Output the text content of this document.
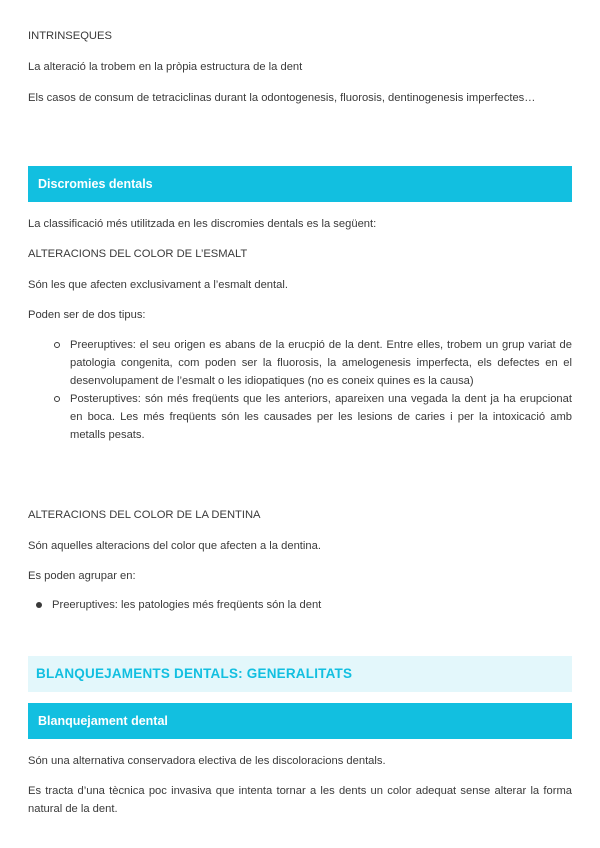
INTRINSEQUES

La alteració la trobem en la pròpia estructura de la dent

Els casos de consum de tetraciclinas durant la odontogenesis, fluorosis, dentinogenesis imperfectes…

Discromies dentals

La classificació més utilitzada en les discromies dentals es la següent:

ALTERACIONS DEL COLOR DE L’ESMALT

Són les que afecten exclusivament a l’esmalt dental.

Poden ser de dos tipus:

Preeruptives: el seu origen es abans de la erucpió de la dent. Entre elles, trobem un grup variat de patologia congenita, com poden ser la fluorosis, la amelogenesis imperfecta, els defectes en el desenvolupament de l’esmalt o les idiopatiques (no es coneix quines es la causa)
Posteruptives: són més freqüents que les anteriors, apareixen una vegada la dent ja ha erupcionat en boca. Les més freqüents són les causades per les lesions de caries i per la intoxicació amb metalls pesats.

ALTERACIONS DEL COLOR DE LA DENTINA

Són aquelles alteracions del color que afecten a la dentina.

Es poden agrupar en:

Preeruptives: les patologies més freqüents són la dent
BLANQUEJAMENTS DENTALS: GENERALITATS
Blanquejament dental

Són una alternativa conservadora electiva de les discoloracions dentals.

Es tracta d’una tècnica poc invasiva que intenta tornar a les dents un color adequat sense alterar la forma natural de la dent.
